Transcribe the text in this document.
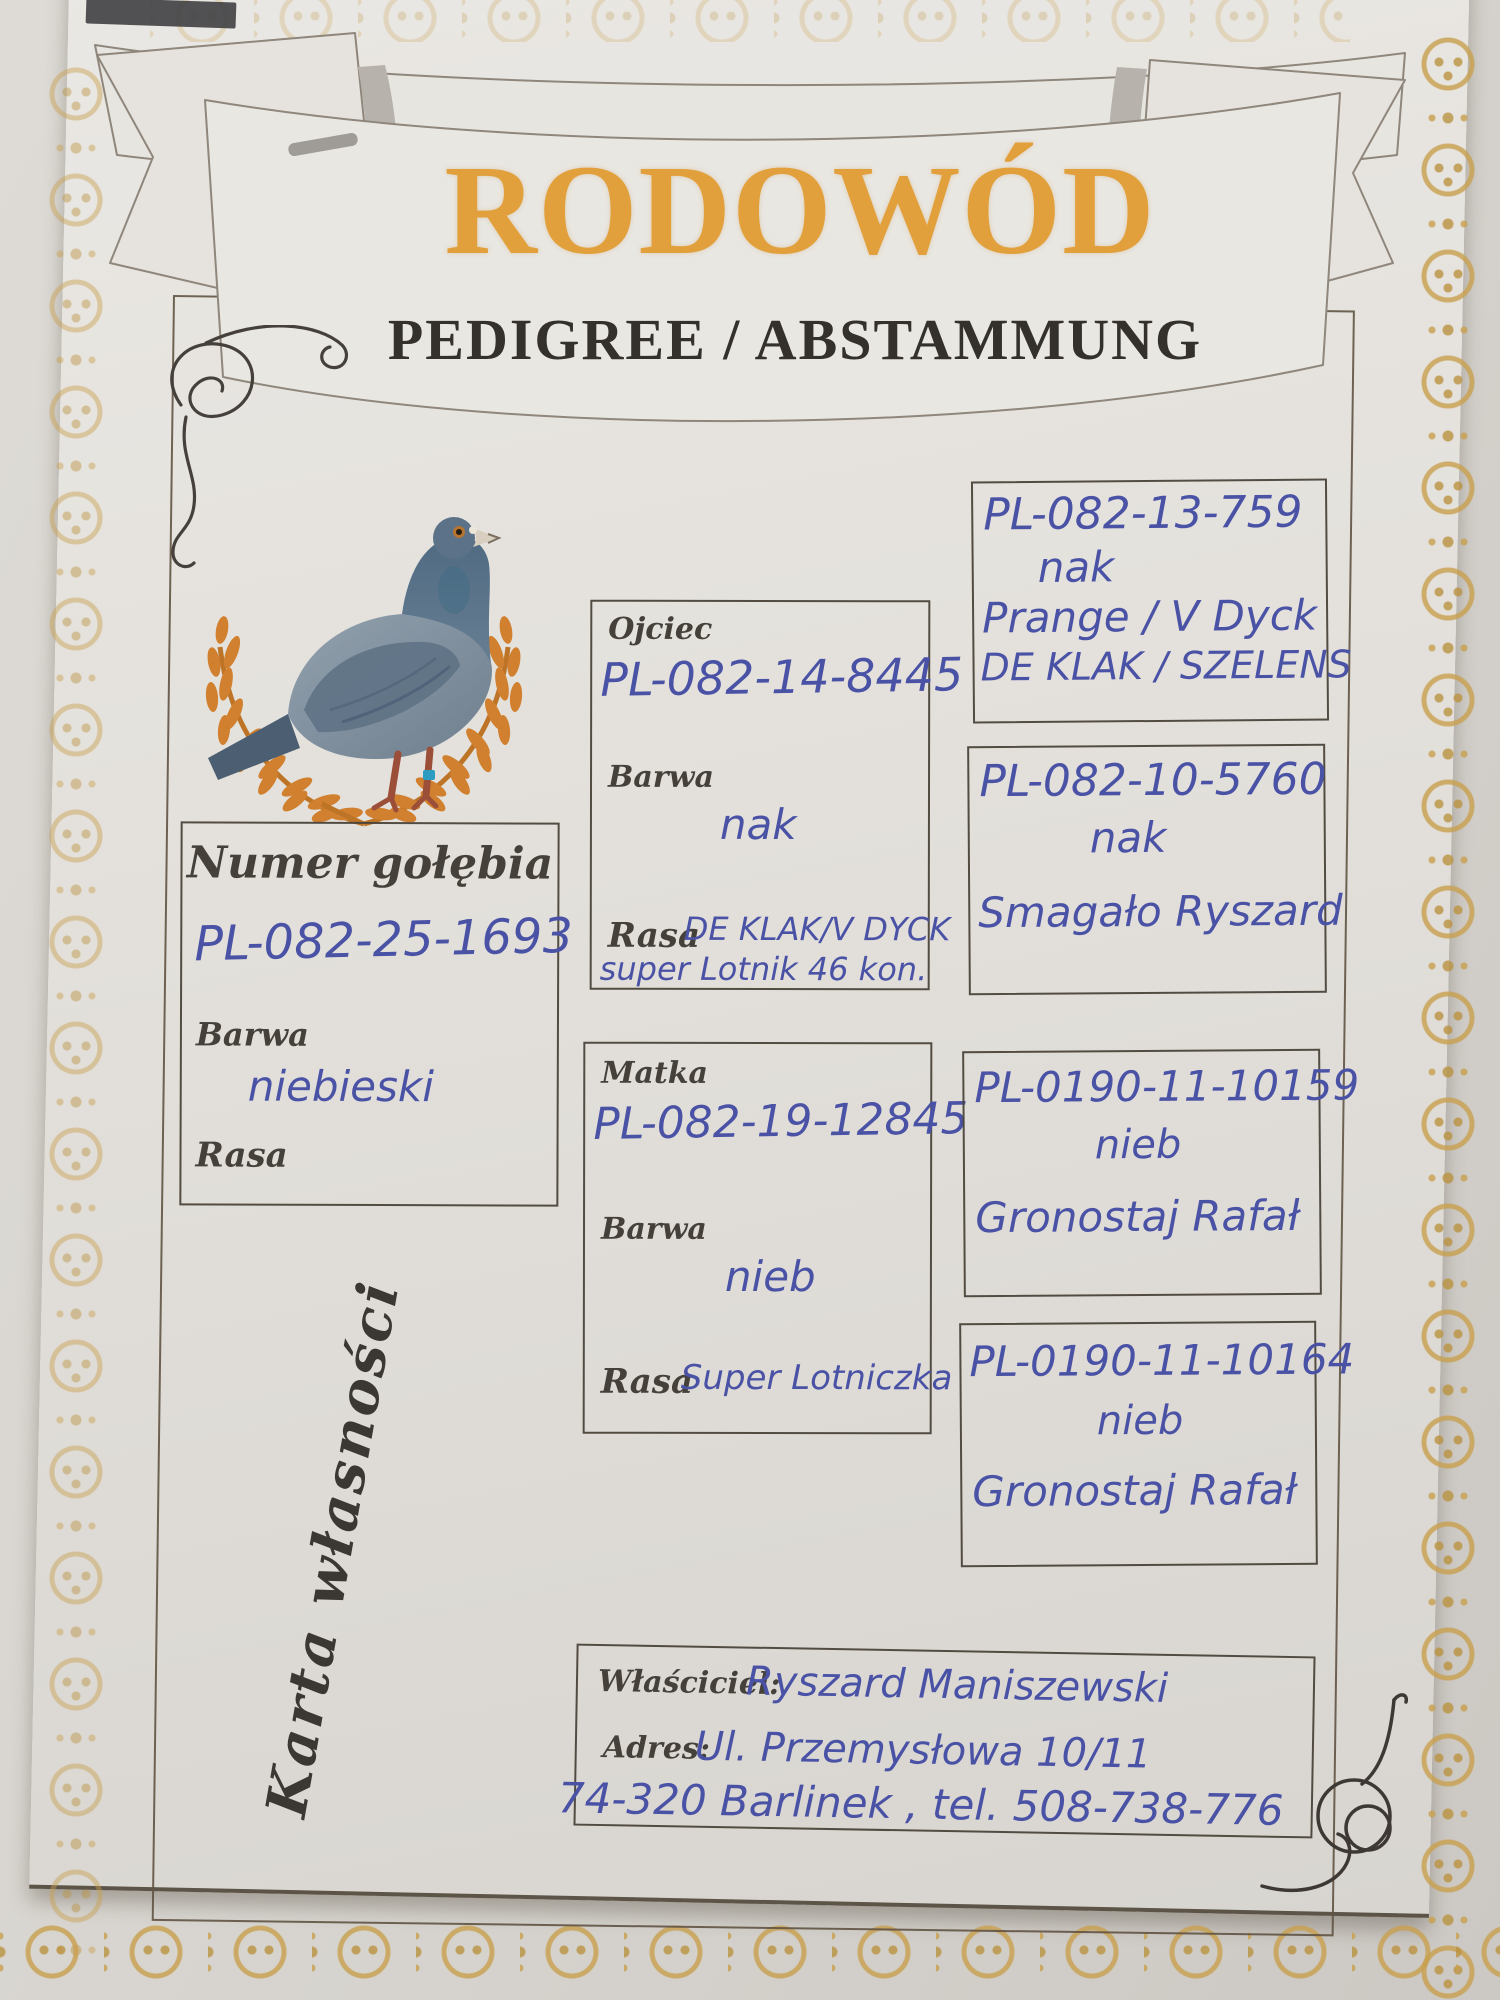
RODOWÓD
PEDIGREE / ABSTAMMUNG
Numer gołębia
PL-082-25-1693
Barwa
niebieski
Rasa
Ojciec
PL-082-14-8445
Barwa
nak
Rasa
DE KLAK/V DYCK
super Lotnik 46 kon.
Matka
PL-082-19-12845
Barwa
nieb
Rasa
Super Lotniczka
PL-082-13-759
nak
Prange / V Dyck
DE KLAK / SZELENS
PL-082-10-5760
nak
Smagało Ryszard
PL-0190-11-10159
nieb
Gronostaj Rafał
PL-0190-11-10164
nieb
Gronostaj Rafał
Właściciel:
Ryszard Maniszewski
Adres:
Ul. Przemysłowa 10/11
74-320 Barlinek , tel. 508-738-776
Karta własności
